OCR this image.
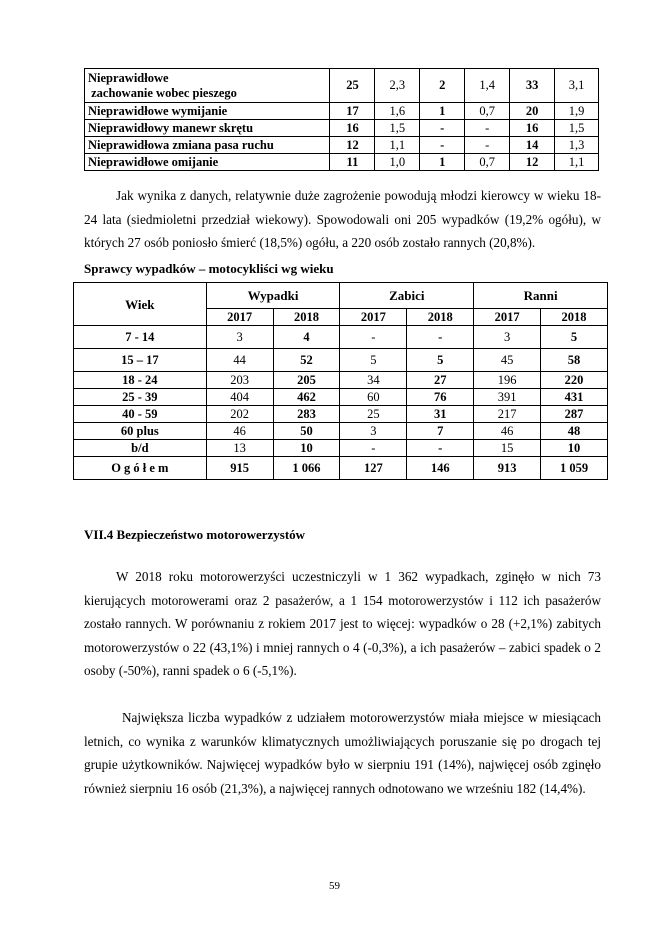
Nieprawidłowe
zachowanie wobec pieszego	25	2,3	2	1,4	33	3,1
Nieprawidłowe wymijanie	17	1,6	1	0,7	20	1,9
Nieprawidłowy manewr skrętu	16	1,5	-	-	16	1,5
Nieprawidłowa zmiana pasa ruchu	12	1,1	-	-	14	1,3
Nieprawidłowe omijanie	11	1,0	1	0,7	12	1,1

Jak wynika z danych, relatywnie duże zagrożenie powodują młodzi kierowcy w wieku 18-24 lata (siedmioletni przedział wiekowy). Spowodowali oni 205 wypadków (19,2% ogółu), w których 27 osób poniosło śmierć (18,5%) ogółu, a 220 osób zostało rannych (20,8%).

Sprawcy wypadków – motocykliści wg wieku
Wiek	Wypadki		Zabici		Ranni	
	2017	2018	2017	2018	2017	2018
7 - 14	3	4	-	-	3	5
15 – 17	44	52	5	5	45	58
18 - 24	203	205	34	27	196	220
25 - 39	404	462	60	76	391	431
40 - 59	202	283	25	31	217	287
60 plus	46	50	3	7	46	48
b/d	13	10	-	-	15	10
O g ó ł e m	915	1 066	127	146	913	1 059
VII.4 Bezpieczeństwo motorowerzystów

W 2018 roku motorowerzyści uczestniczyli w 1 362 wypadkach, zginęło w nich 73 kierujących motorowerami oraz 2 pasażerów, a 1 154 motorowerzystów i 112 ich pasażerów zostało rannych. W porównaniu z rokiem 2017 jest to więcej: wypadków o 28 (+2,1%) zabitych motorowerzystów o 22 (43,1%) i mniej rannych o 4 (-0,3%), a ich pasażerów – zabici spadek o 2 osoby (-50%), ranni spadek o 6 (-5,1%).

Największa liczba wypadków z udziałem motorowerzystów miała miejsce w miesiącach letnich, co wynika z warunków klimatycznych umożliwiających poruszanie się po drogach tej grupie użytkowników. Najwięcej wypadków było w sierpniu 191 (14%), najwięcej osób zginęło również sierpniu 16 osób (21,3%), a najwięcej rannych odnotowano we wrześniu 182 (14,4%).

59
